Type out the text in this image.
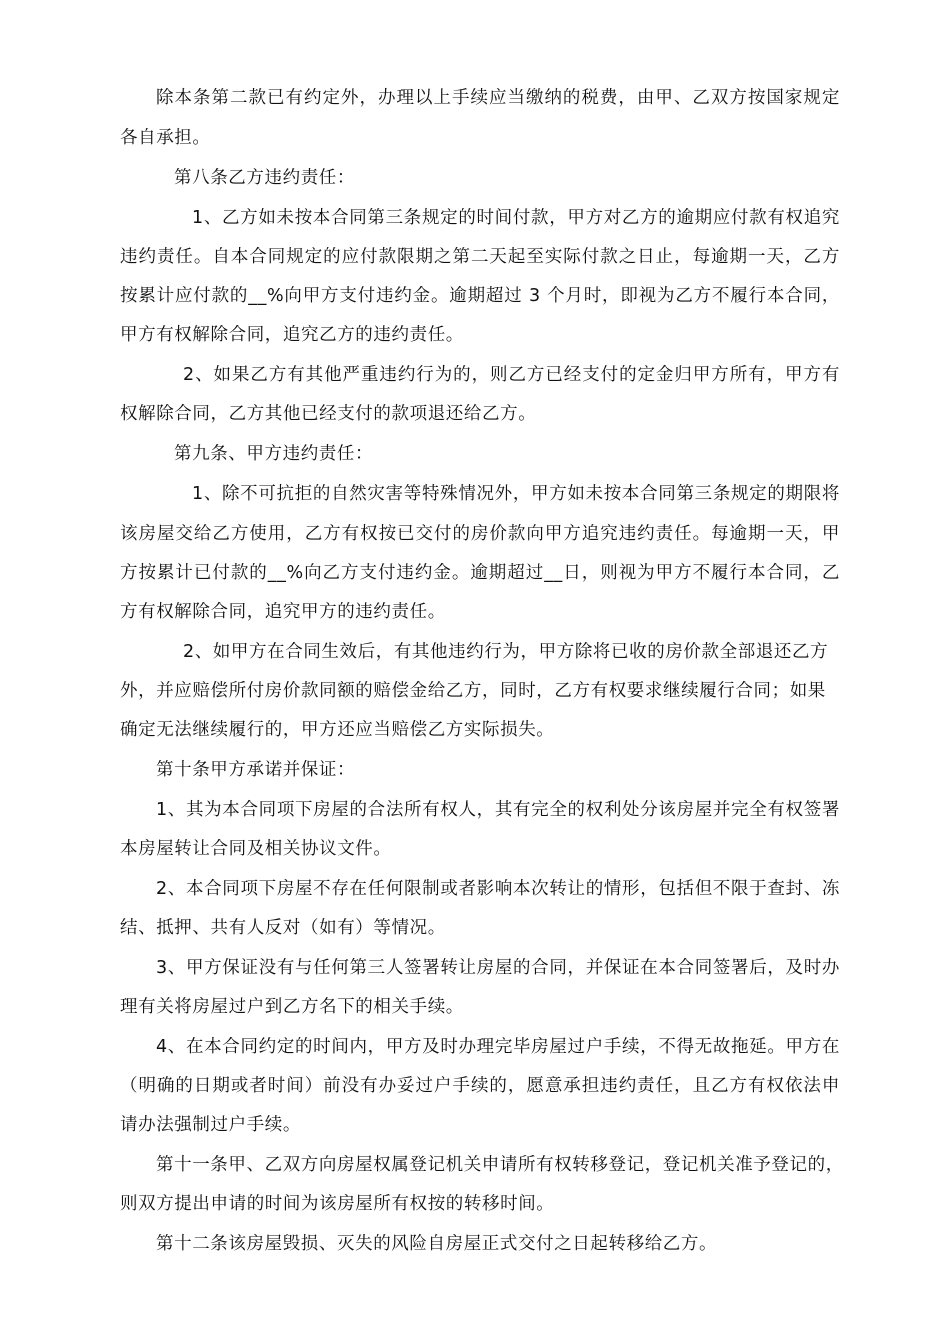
除本条第二款已有约定外，办理以上手续应当缴纳的税费，由甲、乙双方按国家规定
各自承担。
第八条乙方违约责任：
1、乙方如未按本合同第三条规定的时间付款，甲方对乙方的逾期应付款有权追究
违约责任。自本合同规定的应付款限期之第二天起至实际付款之日止，每逾期一天，乙方
按累计应付款的__%向甲方支付违约金。逾期超过 3 个月时，即视为乙方不履行本合同，
甲方有权解除合同，追究乙方的违约责任。
2、如果乙方有其他严重违约行为的，则乙方已经支付的定金归甲方所有，甲方有
权解除合同，乙方其他已经支付的款项退还给乙方。
第九条、甲方违约责任：
1、除不可抗拒的自然灾害等特殊情况外，甲方如未按本合同第三条规定的期限将
该房屋交给乙方使用，乙方有权按已交付的房价款向甲方追究违约责任。每逾期一天，甲
方按累计已付款的__%向乙方支付违约金。逾期超过__日，则视为甲方不履行本合同，乙
方有权解除合同，追究甲方的违约责任。
2、如甲方在合同生效后，有其他违约行为，甲方除将已收的房价款全部退还乙方
外，并应赔偿所付房价款同额的赔偿金给乙方，同时，乙方有权要求继续履行合同；如果
确定无法继续履行的，甲方还应当赔偿乙方实际损失。
第十条甲方承诺并保证：
1、其为本合同项下房屋的合法所有权人，其有完全的权利处分该房屋并完全有权签署
本房屋转让合同及相关协议文件。
2、本合同项下房屋不存在任何限制或者影响本次转让的情形，包括但不限于查封、冻
结、抵押、共有人反对（如有）等情况。
3、甲方保证没有与任何第三人签署转让房屋的合同，并保证在本合同签署后，及时办
理有关将房屋过户到乙方名下的相关手续。
4、在本合同约定的时间内，甲方及时办理完毕房屋过户手续，不得无故拖延。甲方在
（明确的日期或者时间）前没有办妥过户手续的，愿意承担违约责任，且乙方有权依法申
请办法强制过户手续。
第十一条甲、乙双方向房屋权属登记机关申请所有权转移登记，登记机关准予登记的，
则双方提出申请的时间为该房屋所有权按的转移时间。
第十二条该房屋毁损、灭失的风险自房屋正式交付之日起转移给乙方。
